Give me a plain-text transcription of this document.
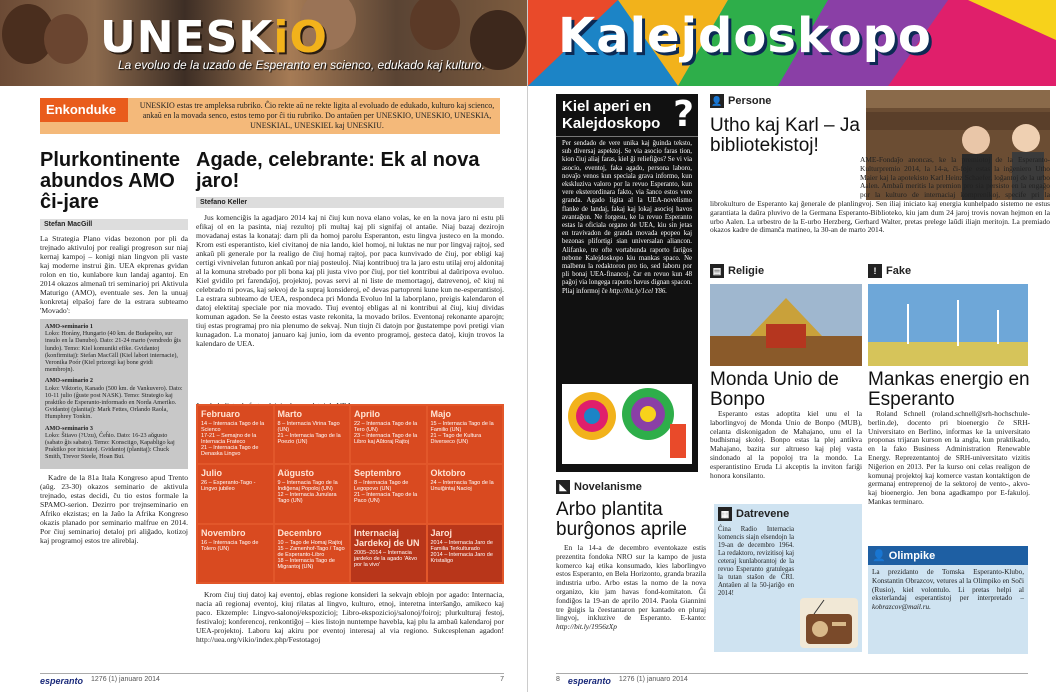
UNESKiO
La evoluo de la uzado de Esperanto en scienco, edukado kaj kulturo.
Enkonduke	UNESKIO estas tre ampleksa rubriko. Ĉio rekte aŭ ne rekte ligita al evoluado de edukado, kulturo kaj scienco, ankaŭ en la movada senco, estos temo por ĉi tiu rubriko. Do antaŭen per UNESKIO, UNESKIO, UNESKIA, UNESKIAL, UNESKIEL kaj UNESKIU.
Plurkontinente abundos AMO ĉi-jare
Stefan MacGill
La Strategia Plano vidas bezonon por pli da trejnado aktivuloj por realigi progreson sur niaj kernaj kampoj – konigi nian lingvon pli vaste kaj moderne instrui ĝin. UEA ekprenas gvidan rolon en tio, kunlabore kun landaj agantoj. En 2014 okazos almenaŭ tri seminarioj pri Aktivula Maturigo (AMO), eventuale ses. Jen la unuaj konkretaj elpaŝoj fare de la estrara subteamo 'Movado':

AMO-seminario 1
Loko: Horány, Hungario (40 km. de Budapeŝto, sur insulo en la Danubo). Dato: 21-24 marto (vendredo ĝis lundo). Temo: Kiel komuniki efike. Gvidantoj (konfirmitaj): Stefan MacGill (Kiel labori internacie), Veronika Poór (Kiel prizorgi kaj bone gvidi membrojn).

AMO-seminario 2
Loko: Viktorio, Kanado (500 km. de Vankuvero). Dato: 10-11 julio (ĝuste post NASK). Temo: Strategio kaj praktiko de Esperanto-informado en Norda Ameriko. Gvidantoj (planitaj): Mark Fettes, Orlando Raola, Humphrey Tonkin.

AMO-seminario 3
Loko: Štiavo (?Uzu), Ĉeĥio. Dato: 16-23 aŭgusto (sabato ĝis sabato). Temo: Konsciigo, Kapabligo kaj Praktiko por iniciatoj. Gvidantoj (planitaj): Chuck Smith, Trevor Steele, Hoan Bui.

Kadre de la 81a Itala Kongreso apud Trento (aŭg. 23-30) okazos seminario de aktivula trejnado, estas decidi, ĉu tio estos formale la SPAMO-serion. Dezirro por trejnseminario en Afriko ekzistas; en la Jaŭo la Afrika Kongreso okazis planado por seminario malfrue en 2014. Por ĉiuj seminarioj detaloj pri aliĝado, kotizoj kaj programoj estos tre alireblaj.
Agade, celebrante: Ek al nova jaro!
Stefano Keller
Jus komenciĝis la agadjaro 2014 kaj ni ĉiuj kun nova elano volas, ke en la nova jaro ni estu pli efikaj ol en la pasinta, niaj rezultoj pli multaj kaj pli signifaj ol antaŭe. Niaj bazaj dezirojn movadanaj estas la konataj: darn pli da homoj parolu Esperanton, estu lingva justeco en la mondo. Krom esti esperantisto, kiel civitanoj de nia lando, kiel homoj, ni luktas ne nur por lingvaj rajtoj, sed ankaŭ pli generale por la realigo de ĉiuj homaj rajtoj, por paca kunvivado de ĉiuj, por ebligi kaj certigi vivnivelan futuron ankaŭ por niaj posteuloj. Niaj kontribuoj tra la jaro estu utilaj eroj aldonitaj al la komuna strebado por pli bona kaj pli justa vivo por ĉiuj, por tiel kontribui al daŭripova evoluo. Kiel gvidilo pri farendaĵoj, projektoj, povas servi al ni liste de memortagoj, datrevenoj, eĉ kiuj ni celebrado ni povas, kaj sekvoj de la supraj konsideroj, eĉ devas partopreni kune kun ne-esperantistoj. La estrara subteamo de UEA, respondeca pri Monda Evoluo lnl la laborplano, preigis kalendaron el datoj elektitaj speciale por nia movado. Tiuj eventoj ebligas al ni kontribui al ĉiuj, kiuj dividas komunan agadon. Se la ĉeesto estas vaste rekonita, la movado brilos. Eventonaj rekonante aparojn; tiuj estas programaj pro nia plenumo de sekvaj. Nun tiujn ĉi datojn por ĝustatempe povi pretigi vian kunagadon. La monatoj januaro kaj junio, iom da evento programoj, gesteca datoj, kiujn trovos la kalendaro de UEA.
Februaro
14 – Internacia Tago de la Scienco
17-21 – Semajno de la Internacia Frateco
21 – Internacia Tago de Denaska Lingvo
Marto
8 – Internacia Virina Tago (UN)
21 – Internacia Tago de la Poezio (UN)
Aprilo
22 – Internacia Tago de la Tero (UN)
23 – Internacia Tago de la Libro kaj Aŭtoraj Rajtoj
Majo
15 – Internacia Tago de la Familio (UN)
21 – Tago de Kultura Diverseco (UN)
Julio
26 – Esperanto-Tago - Lingvo jubileo
Aŭgusto
9 – Internacia Tago de la Indiĝenaj Popoloj (UN)
12 – Internacia Junulara Tago (UN)
Septembro
8 – Internacia Tago de Legopovo (UN)
21 – Internacia Tago de la Paco (UN)
Oktobro
24 – Internacia Tago de la Unuiĝintaj Nacioj
Novembro
16 – Internacia Tago de Tolero (UN)
Decembro
10 – Tago de Homaj Rajtoj
15 – Zamenhof-Tago / Tago de Esperanto-Libro
18 – Internacia Tago de Migrantoj (UN)
Internaciaj Jardekoj de UN
2005–2014 – Internacia jardeko de la agado 'Akvo por la vivo'
Jaroj
2014 – Internacia Jaro de Familia Terkulturado
2014 – Internacia Jaro de Kristaligo
Krom ĉiuj tiuj datoj kaj eventoj, eblas regione konsideri la sekvajn eblojn por agado: Internacia, nacia aŭ regionaj eventoj, kiuj rilatas al lingvo, kulturo, etnoj, interetna interŝanĝo, amikeco kaj paco. Ekzemple: Lingvo-salonoj/ekspozicioj; Libro-ekspozicioj/salonoj/foiroj; plurkulturaj festoj, festivaloj; konferencoj, renkontiĝoj – kies listojn nuntempe havebla, kaj plu la ambaŭ kalendaroj por UEA-projektoj. Laboru kaj akiru por eventoj interesaj al via regiono. Sukcesplenan agadon! http://uea.org/vikio/index.php/Festotagoj
esperanto 1276 (1) januaro 2014	7
Kalejdoskopo
Kiel aperi en Kalejdoskopo ?
Per sendado de vere unika kaj ĝuinda teksto, sub diversaj aspektoj. Se via asocio faras tion, kion ĉiuj aliaj faras, kiel ĝi reliefiĝos? Se vi via asocio, eventoj, faka agado, persona laboro, novaĵo venos kun speciala grava informo, kun ekskluziva valoro por la revuo Esperanto, kun vere eksterordinara fakto, via ŝanco estos vere granda. Agado ligita al la UEA-novelismo flanke de landaj, fakaj kaj lokaj asocioj havos avantaĝon. Ne forgesu, ke la revuo Esperanto estas la oficiala organo de UEA, kiu sin jetas en travivadon de granda movada epopeo kaj bezonas plifortigi sian universalan aliancon. Alifanke, tre ofte vortabunda raporto fariĝos nebone Kalejdoskopo kiu mankas spaco. Ne malbenu la redaktoron pro tio, sed laboru por pli bonaj UEA-financoj, ĉar en revuo kun 48 paĝoj via longega raporto havus dignan spacon. Pliaj informoj ĉe http://bit.ly/1cel Y86.
👤 Persone
Utho kaj Karl – Ja bibliotekistoj!
AME-Fondaĵo anoncas, ke la premiotoj de la Esperanto-Kulturpremio 2014, la 14-a, ĉi-foje estas la inĝeniero Utho Maier kaj la apotekisto Karl Heinz Schaefer, loĝantoj de la urbo Aalen. Ambaŭ meritis la premion pro sia persisto en la engaĝo por la kulturo de internaciaj komprenikoj, specife pri la librokulturo de Esperanto kaj ĝenerale de planlingvoj. Sen iliaj iniciato kaj energia kunhelpado sistemo ne estus garantiata la daŭra pluvivo de la Germana Esperanto-Biblioteko, kiu jam dum 24 jaroj trovis novan hejmon en la urbo Aalen. La urbestro de la E-urbo Herzberg, Gerhard Walter, pretas prelege laŭdi iliajn meritojn. La premiado okazos kadre de dimanĉa matineo, la 30-an de marto 2014.
▤ Religie
Monda Unio de Bonpo
Esperanto estas adoptita kiel unu el la laborlingvoj de Monda Unio de Bonpo (MUB), celanta diskonigadon de Mahajano, unu el la budhismaj skoloj. Bonpo estas la plej antikva Mahajano, bazita sur altrueso kaj plej vasta sindonado al la popoloj tra la mondo. La esperantistino Eruda Li akceptis la inviton fariĝi honora konsilanto.
! Fake
Mankas energio en Esperanto
Roland Schnell (roland.schnell@srh-hochschule-berlin.de), docento pri bioenergio ĉe SRH-Universitato en Berlino, informas ke la universitato proponas trijaran kurson en la angla, kun praktikado, en la fako Business Administration Renewable Energy. Reprezentantoj de SRH-universitato vizitis Niĝerion en 2013. Per la kurso oni celas realigon de komunaj projektoj kaj komerce vastan kontaktigon de germanaj entreprenoj de la sektoroj de vento-, akvo- kaj bioenergio. Jen bona agadkampo por E-fakuloj. Mankas terminaro.
◣ Novelanisme
Arbo plantita burĝonos aprile
En la 14-a de decembro eventokaze estis prezentita fondoka NRO sur la kampo de justa komerco kaj etika konsumado, kies laborlingvo estos Esperanto, en Bela Horizonto, granda brazila industria urbo. Arbo estas la nomo de la nova organizo, kiu jam havas fond-komitaton. Ĝi fondiĝos la 19-an de aprilo 2014. Paola Giannini tre ĝuigis la ĉeestantaron per kantado en pluraj lingvoj, inkluzive de Esperanto. E-kanto: http://bit.ly/1956zXp
▦ Datrevene
Ĉina Radio Internacia komencis siajn elsendojn la 19-an de decembro 1964. La redaktoro, revizitisoj kaj ceteraj kunlaborantoj de la revuo Esperanto gratulegas la tutan staŝon de ĈRI. Antaŭen al la 50-jariĝo en 2014!
👤 Olimpike
La prezidanto de Tomska Esperanto-Klubo, Konstantin Obrazcov, vetures al la Olimpiko en Soĉi (Rusio), kiel volontulo. Li pretas helpi al eksterlandaj esperantistoj per interpretado – kobrazcov@mail.ru.
8 esperanto 1276 (1) januaro 2014
